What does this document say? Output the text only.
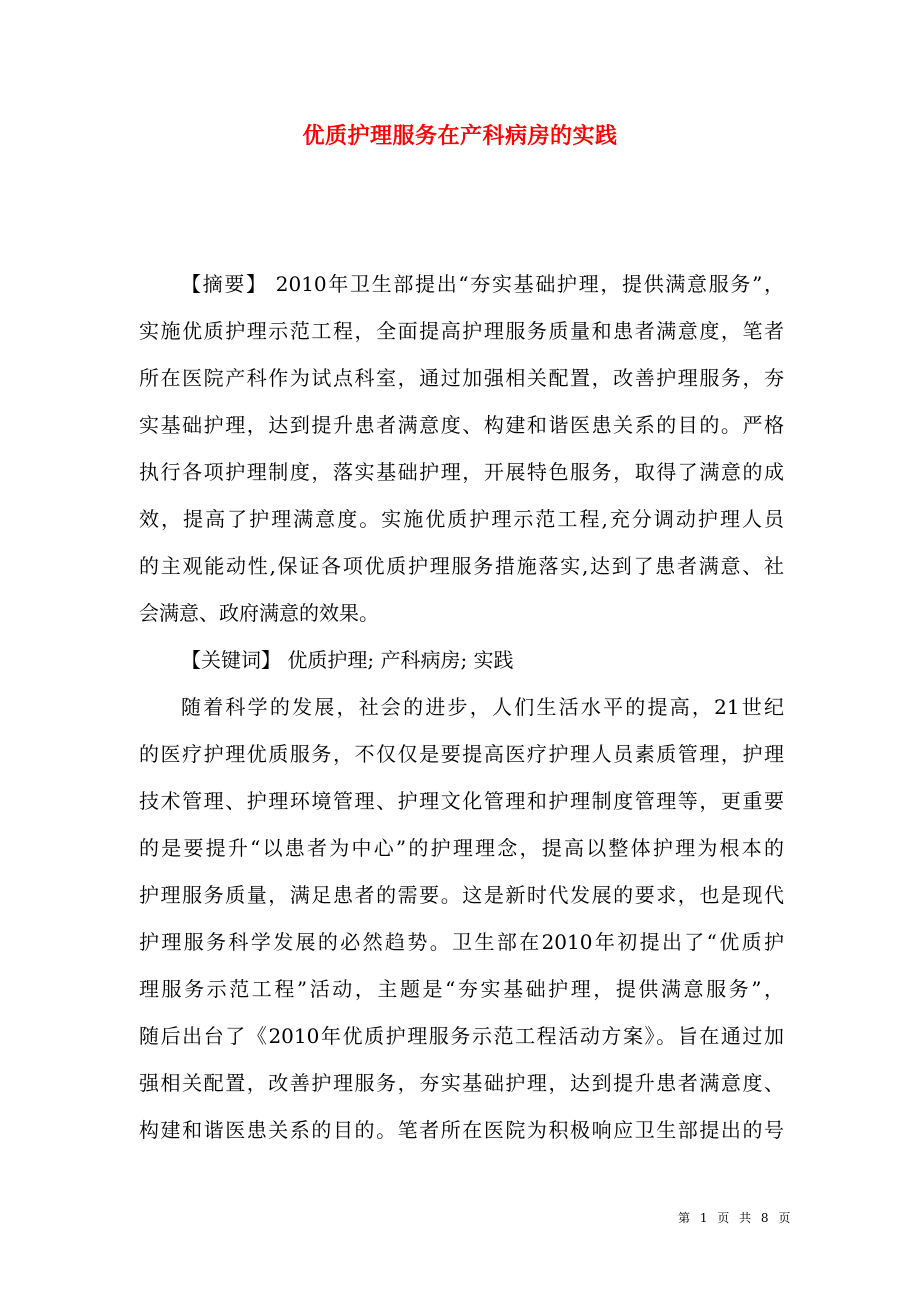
优质护理服务在产科病房的实践
【摘要】 2010年卫生部提出“夯实基础护理，提供满意服务”，
实施优质护理示范工程，全面提高护理服务质量和患者满意度，笔者
所在医院产科作为试点科室，通过加强相关配置，改善护理服务，夯
实基础护理，达到提升患者满意度、构建和谐医患关系的目的。严格
执行各项护理制度，落实基础护理，开展特色服务，取得了满意的成
效，提高了护理满意度。实施优质护理示范工程,充分调动护理人员
的主观能动性,保证各项优质护理服务措施落实,达到了患者满意、社
会满意、政府满意的效果。
【关键词】 优质护理; 产科病房; 实践
随着科学的发展，社会的进步，人们生活水平的提高，21世纪
的医疗护理优质服务，不仅仅是要提高医疗护理人员素质管理，护理
技术管理、护理环境管理、护理文化管理和护理制度管理等，更重要
的是要提升“以患者为中心”的护理理念，提高以整体护理为根本的
护理服务质量，满足患者的需要。这是新时代发展的要求，也是现代
护理服务科学发展的必然趋势。卫生部在2010年初提出了“优质护
理服务示范工程”活动，主题是“夯实基础护理，提供满意服务”，
随后出台了《2010年优质护理服务示范工程活动方案》。旨在通过加
强相关配置，改善护理服务，夯实基础护理，达到提升患者满意度、
构建和谐医患关系的目的。笔者所在医院为积极响应卫生部提出的号
第 1 页 共 8 页
